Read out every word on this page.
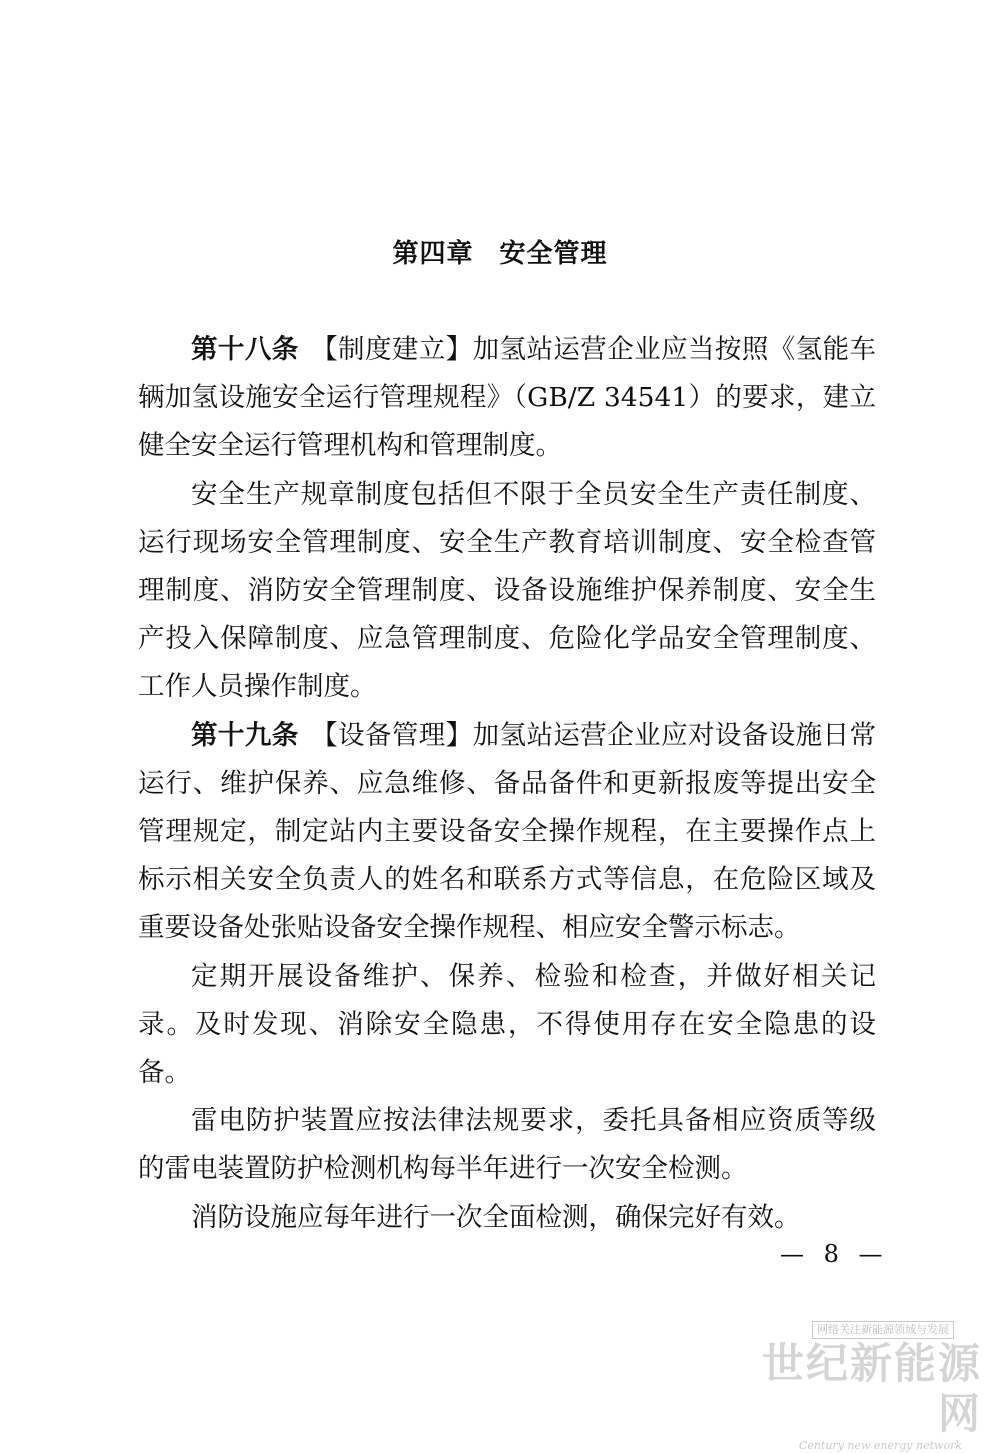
第四章 安全管理

第十八条 【制度建立】加氢站运营企业应当按照《氢能车辆加氢设施安全运行管理规程》（GB/Z 34541）的要求，建立健全安全运行管理机构和管理制度。

安全生产规章制度包括但不限于全员安全生产责任制度、运行现场安全管理制度、安全生产教育培训制度、安全检查管理制度、消防安全管理制度、设备设施维护保养制度、安全生产投入保障制度、应急管理制度、危险化学品安全管理制度、工作人员操作制度。

第十九条 【设备管理】加氢站运营企业应对设备设施日常运行、维护保养、应急维修、备品备件和更新报废等提出安全管理规定，制定站内主要设备安全操作规程，在主要操作点上标示相关安全负责人的姓名和联系方式等信息，在危险区域及重要设备处张贴设备安全操作规程、相应安全警示标志。

定期开展设备维护、保养、检验和检查，并做好相关记录。及时发现、消除安全隐患，不得使用存在安全隐患的设备。

雷电防护装置应按法律法规要求，委托具备相应资质等级的雷电装置防护检测机构每半年进行一次安全检测。

消防设施应每年进行一次全面检测，确保完好有效。

— 8 —
网络关注新能源领域与发展
世纪新能源网
Century new energy network
